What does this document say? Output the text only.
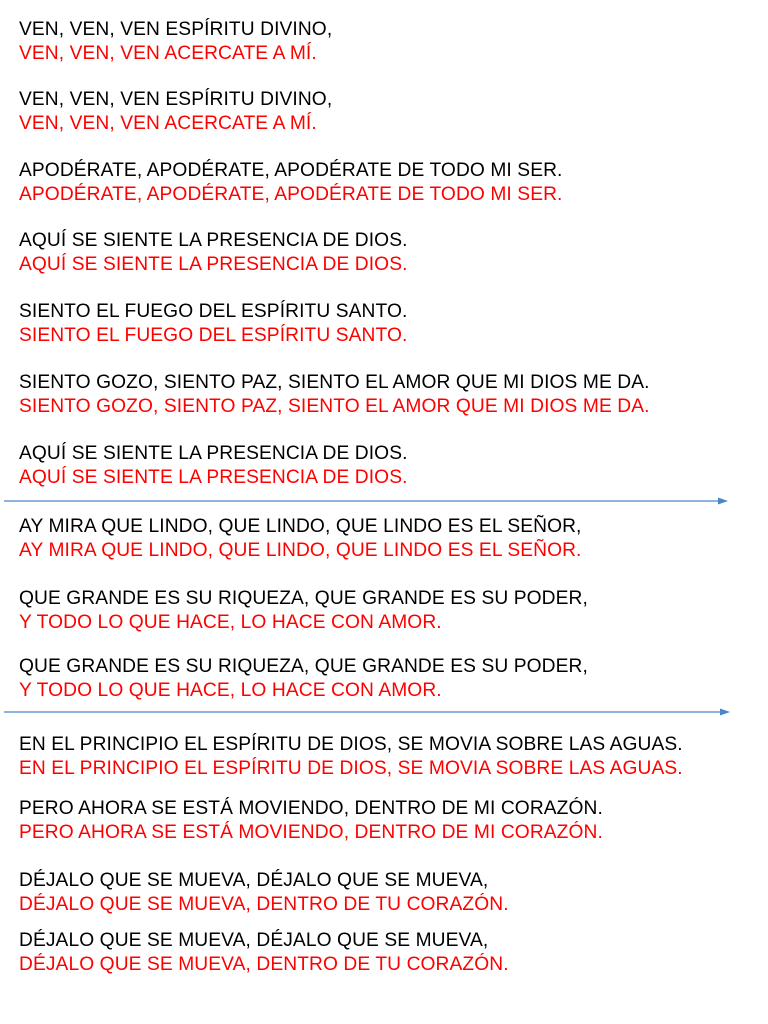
VEN, VEN, VEN ESPÍRITU DIVINO,
VEN, VEN, VEN ACERCATE A MÍ.
VEN, VEN, VEN ESPÍRITU DIVINO,
VEN, VEN, VEN ACERCATE A MÍ.
APODÉRATE, APODÉRATE, APODÉRATE DE TODO MI SER.
APODÉRATE, APODÉRATE, APODÉRATE DE TODO MI SER.
AQUÍ SE SIENTE LA PRESENCIA DE DIOS.
AQUÍ SE SIENTE LA PRESENCIA DE DIOS.
SIENTO EL FUEGO DEL ESPÍRITU SANTO.
SIENTO EL FUEGO DEL ESPÍRITU SANTO.
SIENTO GOZO, SIENTO PAZ, SIENTO EL AMOR QUE MI DIOS ME DA.
SIENTO GOZO, SIENTO PAZ, SIENTO EL AMOR QUE MI DIOS ME DA.
AQUÍ SE SIENTE LA PRESENCIA DE DIOS.
AQUÍ SE SIENTE LA PRESENCIA DE DIOS.
AY MIRA QUE LINDO, QUE LINDO, QUE LINDO ES EL SEÑOR,
AY MIRA QUE LINDO, QUE LINDO, QUE LINDO ES EL SEÑOR.
QUE GRANDE ES SU RIQUEZA, QUE GRANDE ES SU PODER,
Y TODO LO QUE HACE, LO HACE CON AMOR.
QUE GRANDE ES SU RIQUEZA, QUE GRANDE ES SU PODER,
Y TODO LO QUE HACE, LO HACE CON AMOR.
EN EL PRINCIPIO EL ESPÍRITU DE DIOS, SE MOVIA SOBRE LAS AGUAS.
EN EL PRINCIPIO EL ESPÍRITU DE DIOS, SE MOVIA SOBRE LAS AGUAS.
PERO AHORA SE ESTÁ MOVIENDO, DENTRO DE MI CORAZÓN.
PERO AHORA SE ESTÁ MOVIENDO, DENTRO DE MI CORAZÓN.
DÉJALO QUE SE MUEVA, DÉJALO QUE SE MUEVA,
DÉJALO QUE SE MUEVA, DENTRO DE TU CORAZÓN.
DÉJALO QUE SE MUEVA, DÉJALO QUE SE MUEVA,
DÉJALO QUE SE MUEVA, DENTRO DE TU CORAZÓN.
